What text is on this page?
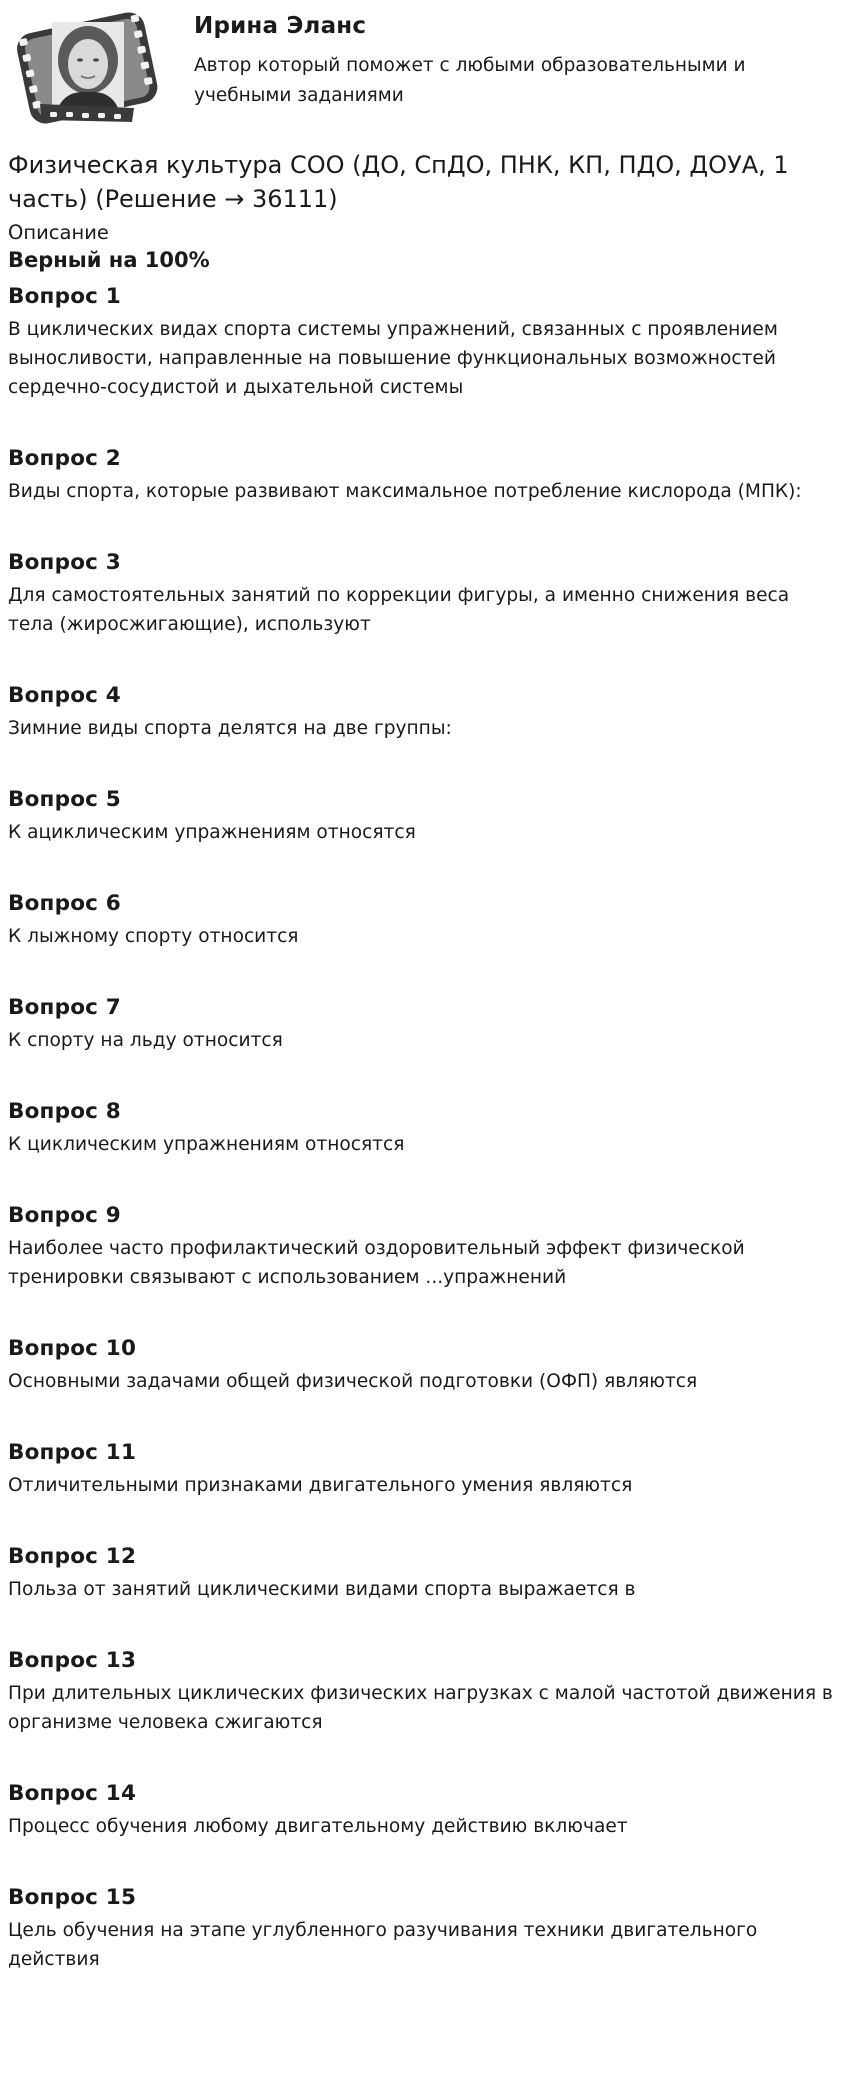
Ирина Эланс
Автор который поможет с любыми образовательными и учебными заданиями
Физическая культура СОО (ДО, СпДО, ПНК, КП, ПДО, ДОУА, 1 часть) (Решение → 36111)
Описание
Верный на 100%
Вопрос 1
В циклических видах спорта системы упражнений, связанных с проявлением выносливости, направленные на повышение функциональных возможностей сердечно-сосудистой и дыхательной системы
Вопрос 2
Виды спорта, которые развивают максимальное потребление кислорода (МПК):
Вопрос 3
Для самостоятельных занятий по коррекции фигуры, а именно снижения веса тела (жиросжигающие), используют
Вопрос 4
Зимние виды спорта делятся на две группы:
Вопрос 5
К ациклическим упражнениям относятся
Вопрос 6
К лыжному спорту относится
Вопрос 7
К спорту на льду относится
Вопрос 8
К циклическим упражнениям относятся
Вопрос 9
Наиболее часто профилактический оздоровительный эффект физической тренировки связывают с использованием ...упражнений
Вопрос 10
Основными задачами общей физической подготовки (ОФП) являются
Вопрос 11
Отличительными признаками двигательного умения являются
Вопрос 12
Польза от занятий циклическими видами спорта выражается в
Вопрос 13
При длительных циклических физических нагрузках с малой частотой движения в организме человека сжигаются
Вопрос 14
Процесс обучения любому двигательному действию включает
Вопрос 15
Цель обучения на этапе углубленного разучивания техники двигательного действия
